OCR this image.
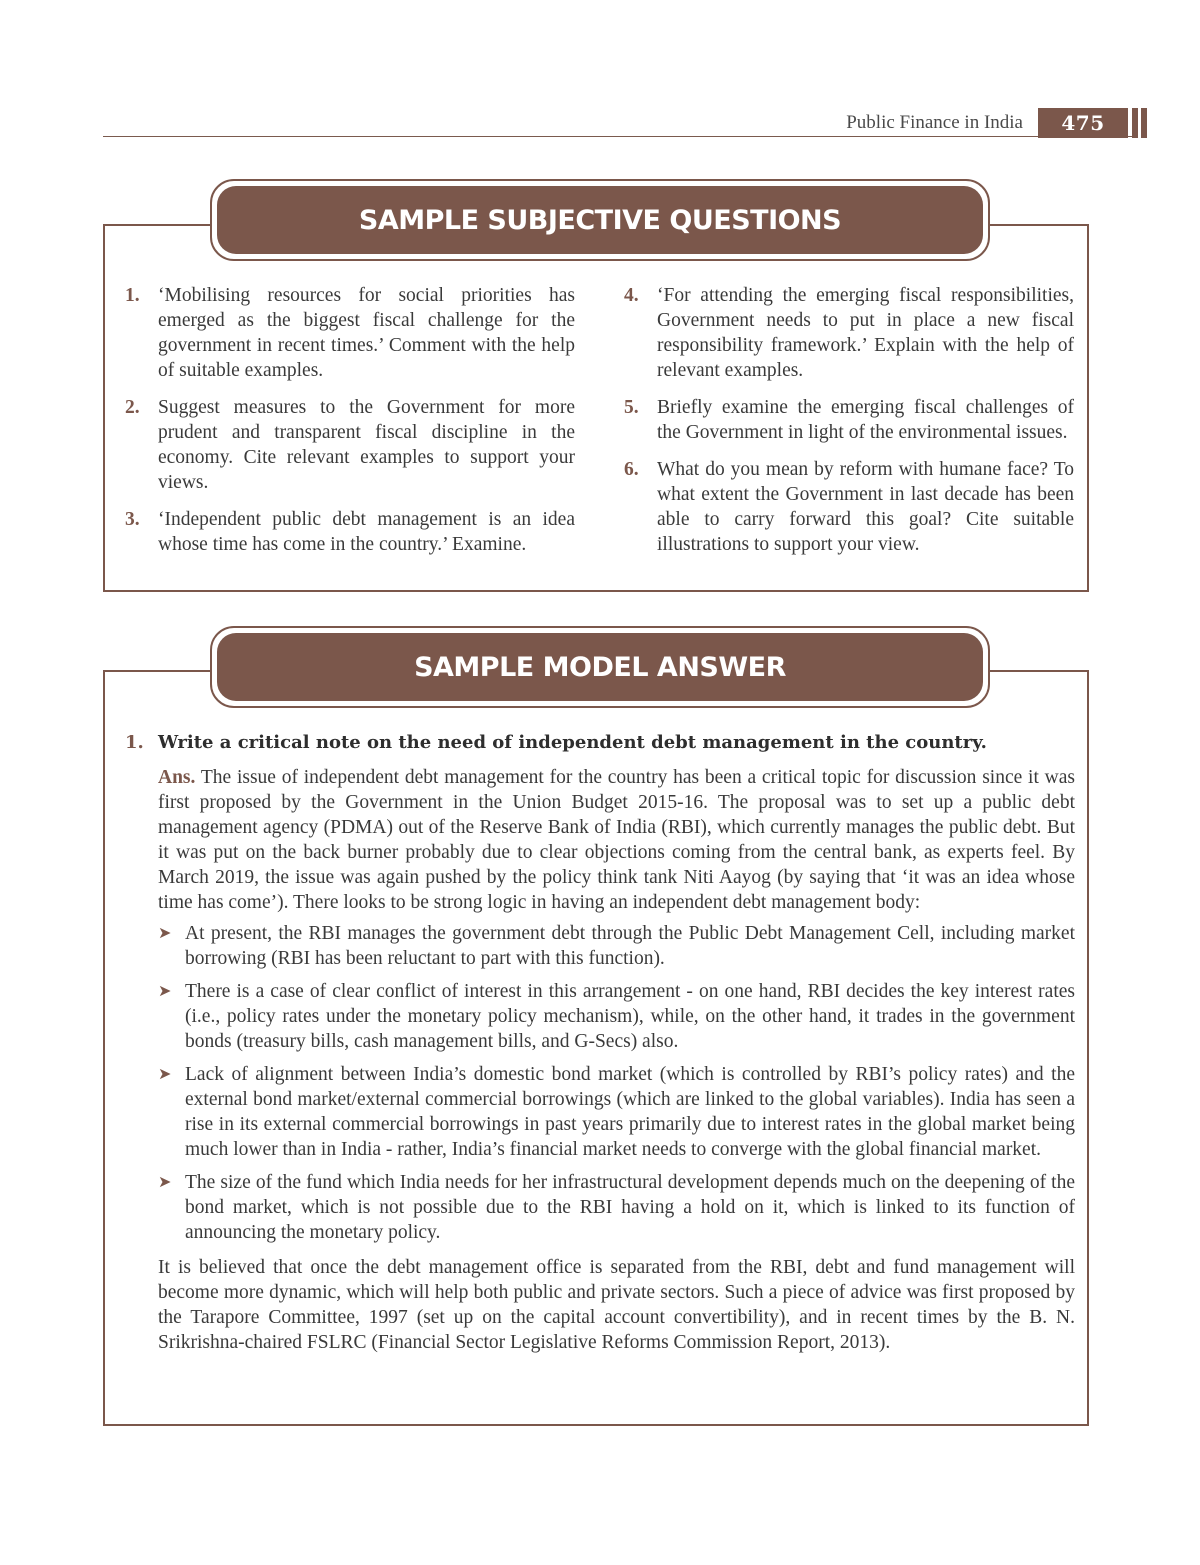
Public Finance in India	475
SAMPLE SUBJECTIVE QUESTIONS
1. ‘Mobilising resources for social priorities has emerged as the biggest fiscal challenge for the government in recent times.’ Comment with the help of suitable examples.
2. Suggest measures to the Government for more prudent and transparent fiscal discipline in the economy. Cite relevant examples to support your views.
3. ‘Independent public debt management is an idea whose time has come in the country.’ Examine.
4. ‘For attending the emerging fiscal responsibilities, Government needs to put in place a new fiscal responsibility framework.’ Explain with the help of relevant examples.
5. Briefly examine the emerging fiscal challenges of the Government in light of the environmental issues.
6. What do you mean by reform with humane face? To what extent the Government in last decade has been able to carry forward this goal? Cite suitable illustrations to support your view.
SAMPLE MODEL ANSWER
1. Write a critical note on the need of independent debt management in the country.
Ans. The issue of independent debt management for the country has been a critical topic for discussion since it was first proposed by the Government in the Union Budget 2015-16. The proposal was to set up a public debt management agency (PDMA) out of the Reserve Bank of India (RBI), which currently manages the public debt. But it was put on the back burner probably due to clear objections coming from the central bank, as experts feel. By March 2019, the issue was again pushed by the policy think tank Niti Aayog (by saying that ‘it was an idea whose time has come’). There looks to be strong logic in having an independent debt management body:
➤ At present, the RBI manages the government debt through the Public Debt Management Cell, including market borrowing (RBI has been reluctant to part with this function).
➤ There is a case of clear conflict of interest in this arrangement - on one hand, RBI decides the key interest rates (i.e., policy rates under the monetary policy mechanism), while, on the other hand, it trades in the government bonds (treasury bills, cash management bills, and G-Secs) also.
➤ Lack of alignment between India’s domestic bond market (which is controlled by RBI’s policy rates) and the external bond market/external commercial borrowings (which are linked to the global variables). India has seen a rise in its external commercial borrowings in past years primarily due to interest rates in the global market being much lower than in India - rather, India’s financial market needs to converge with the global financial market.
➤ The size of the fund which India needs for her infrastructural development depends much on the deepening of the bond market, which is not possible due to the RBI having a hold on it, which is linked to its function of announcing the monetary policy.
It is believed that once the debt management office is separated from the RBI, debt and fund management will become more dynamic, which will help both public and private sectors. Such a piece of advice was first proposed by the Tarapore Committee, 1997 (set up on the capital account convertibility), and in recent times by the B. N. Srikrishna-chaired FSLRC (Financial Sector Legislative Reforms Commission Report, 2013).
